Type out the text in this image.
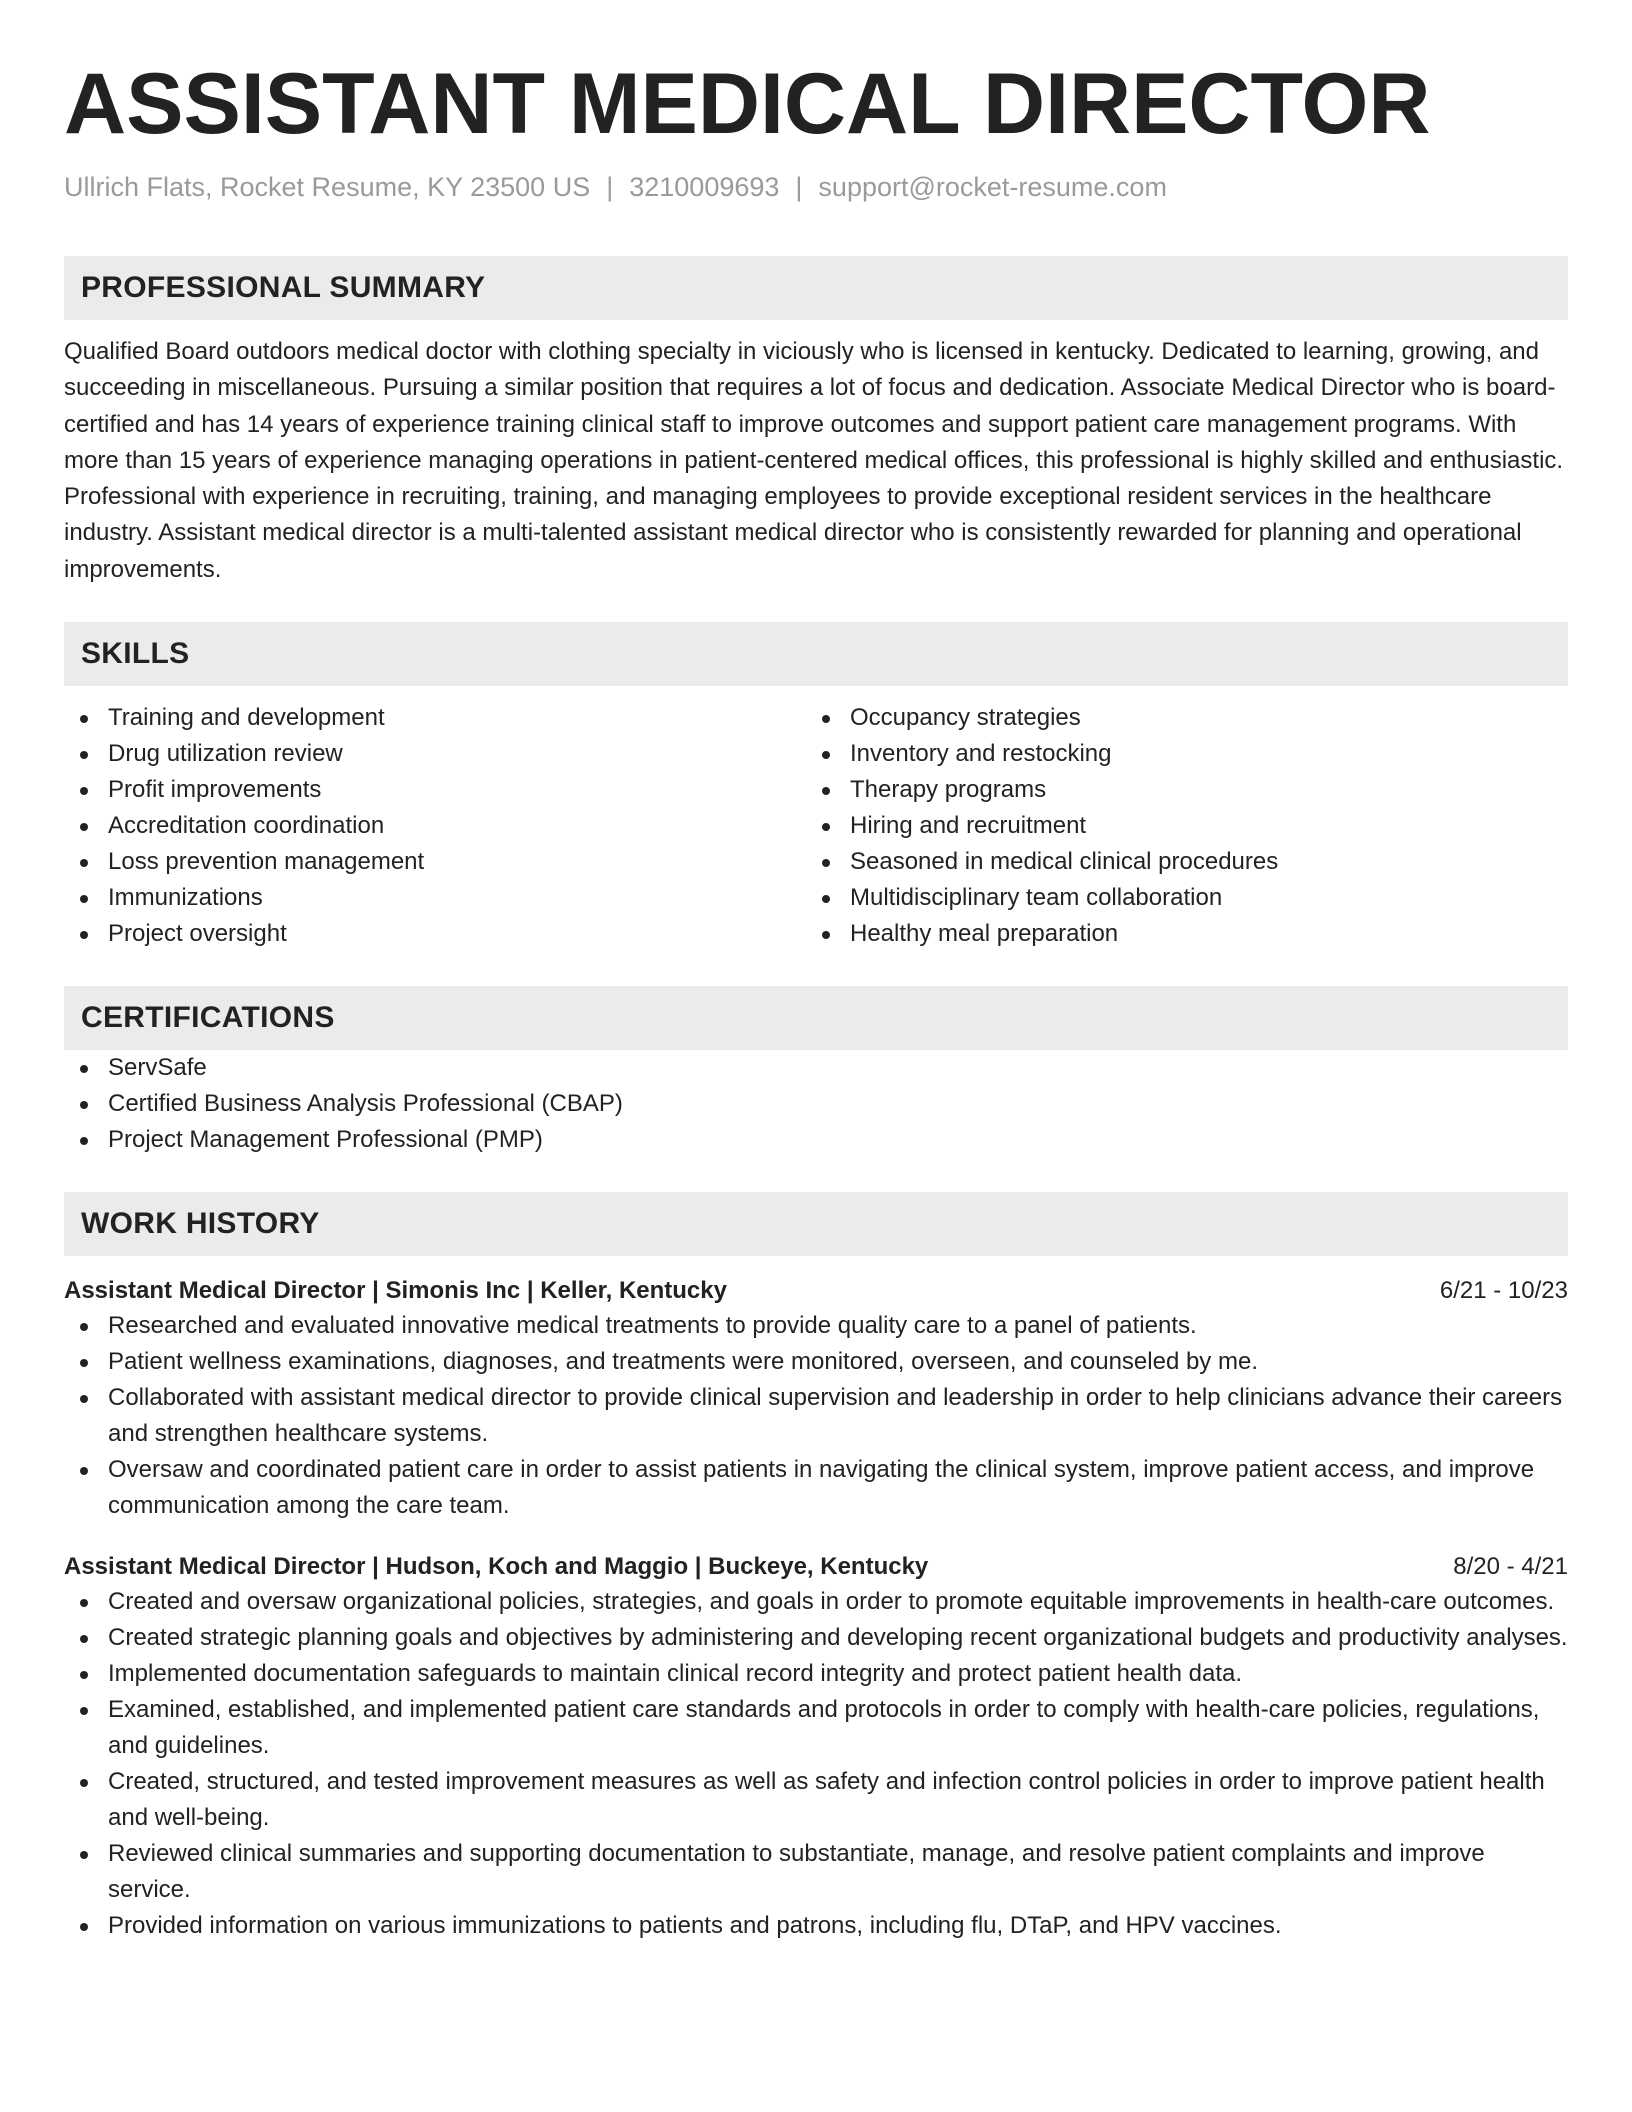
ASSISTANT MEDICAL DIRECTOR
Ullrich Flats, Rocket Resume, KY 23500 US | 3210009693 | support@rocket-resume.com
PROFESSIONAL SUMMARY
Qualified Board outdoors medical doctor with clothing specialty in viciously who is licensed in kentucky. Dedicated to learning, growing, and succeeding in miscellaneous. Pursuing a similar position that requires a lot of focus and dedication. Associate Medical Director who is board-certified and has 14 years of experience training clinical staff to improve outcomes and support patient care management programs. With more than 15 years of experience managing operations in patient-centered medical offices, this professional is highly skilled and enthusiastic. Professional with experience in recruiting, training, and managing employees to provide exceptional resident services in the healthcare industry. Assistant medical director is a multi-talented assistant medical director who is consistently rewarded for planning and operational improvements.
SKILLS
Training and development
Drug utilization review
Profit improvements
Accreditation coordination
Loss prevention management
Immunizations
Project oversight
Occupancy strategies
Inventory and restocking
Therapy programs
Hiring and recruitment
Seasoned in medical clinical procedures
Multidisciplinary team collaboration
Healthy meal preparation
CERTIFICATIONS
ServSafe
Certified Business Analysis Professional (CBAP)
Project Management Professional (PMP)
WORK HISTORY
Assistant Medical Director | Simonis Inc | Keller, Kentucky	6/21 - 10/23
Researched and evaluated innovative medical treatments to provide quality care to a panel of patients.
Patient wellness examinations, diagnoses, and treatments were monitored, overseen, and counseled by me.
Collaborated with assistant medical director to provide clinical supervision and leadership in order to help clinicians advance their careers and strengthen healthcare systems.
Oversaw and coordinated patient care in order to assist patients in navigating the clinical system, improve patient access, and improve communication among the care team.
Assistant Medical Director | Hudson, Koch and Maggio | Buckeye, Kentucky	8/20 - 4/21
Created and oversaw organizational policies, strategies, and goals in order to promote equitable improvements in health-care outcomes.
Created strategic planning goals and objectives by administering and developing recent organizational budgets and productivity analyses.
Implemented documentation safeguards to maintain clinical record integrity and protect patient health data.
Examined, established, and implemented patient care standards and protocols in order to comply with health-care policies, regulations, and guidelines.
Created, structured, and tested improvement measures as well as safety and infection control policies in order to improve patient health and well-being.
Reviewed clinical summaries and supporting documentation to substantiate, manage, and resolve patient complaints and improve service.
Provided information on various immunizations to patients and patrons, including flu, DTaP, and HPV vaccines.
